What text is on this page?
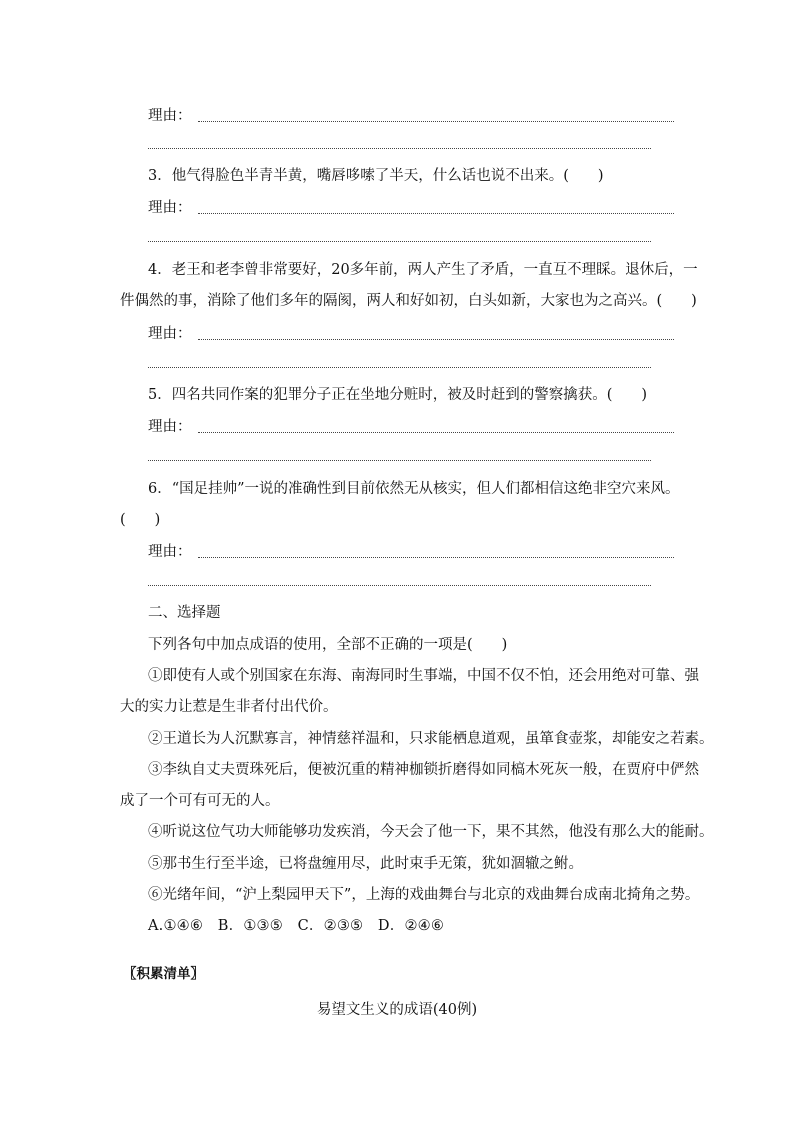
理由：
3．他气得脸色半青半黄，嘴唇哆嗦了半天，什么话也说不出来。(　　)
理由：
4．老王和老李曾非常要好，20多年前，两人产生了矛盾，一直互不理睬。退休后，一
件偶然的事，消除了他们多年的隔阂，两人和好如初，白头如新，大家也为之高兴。(　　)
理由：
5．四名共同作案的犯罪分子正在坐地分赃时，被及时赶到的警察擒获。(　　)
理由：
6．“国足挂帅”一说的准确性到目前依然无从核实，但人们都相信这绝非空穴来风。
(　　)
理由：
二、选择题
下列各句中加点成语的使用，全部不正确的一项是(　　)
①即使有人或个别国家在东海、南海同时生事端，中国不仅不怕，还会用绝对可靠、强
大的实力让惹是生非者付出代价。
②王道长为人沉默寡言，神情慈祥温和，只求能栖息道观，虽箪食壶浆，却能安之若素。
③李纨自丈夫贾珠死后，便被沉重的精神枷锁折磨得如同槁木死灰一般，在贾府中俨然
成了一个可有可无的人。
④听说这位气功大师能够功发疾消，今天会了他一下，果不其然，他没有那么大的能耐。
⑤那书生行至半途，已将盘缠用尽，此时束手无策，犹如涸辙之鲋。
⑥光绪年间，“沪上梨园甲天下”，上海的戏曲舞台与北京的戏曲舞台成南北掎角之势。
A.①④⑥　B．①③⑤　C．②③⑤　D．②④⑥
〖积累清单〗
易望文生义的成语(40例)
